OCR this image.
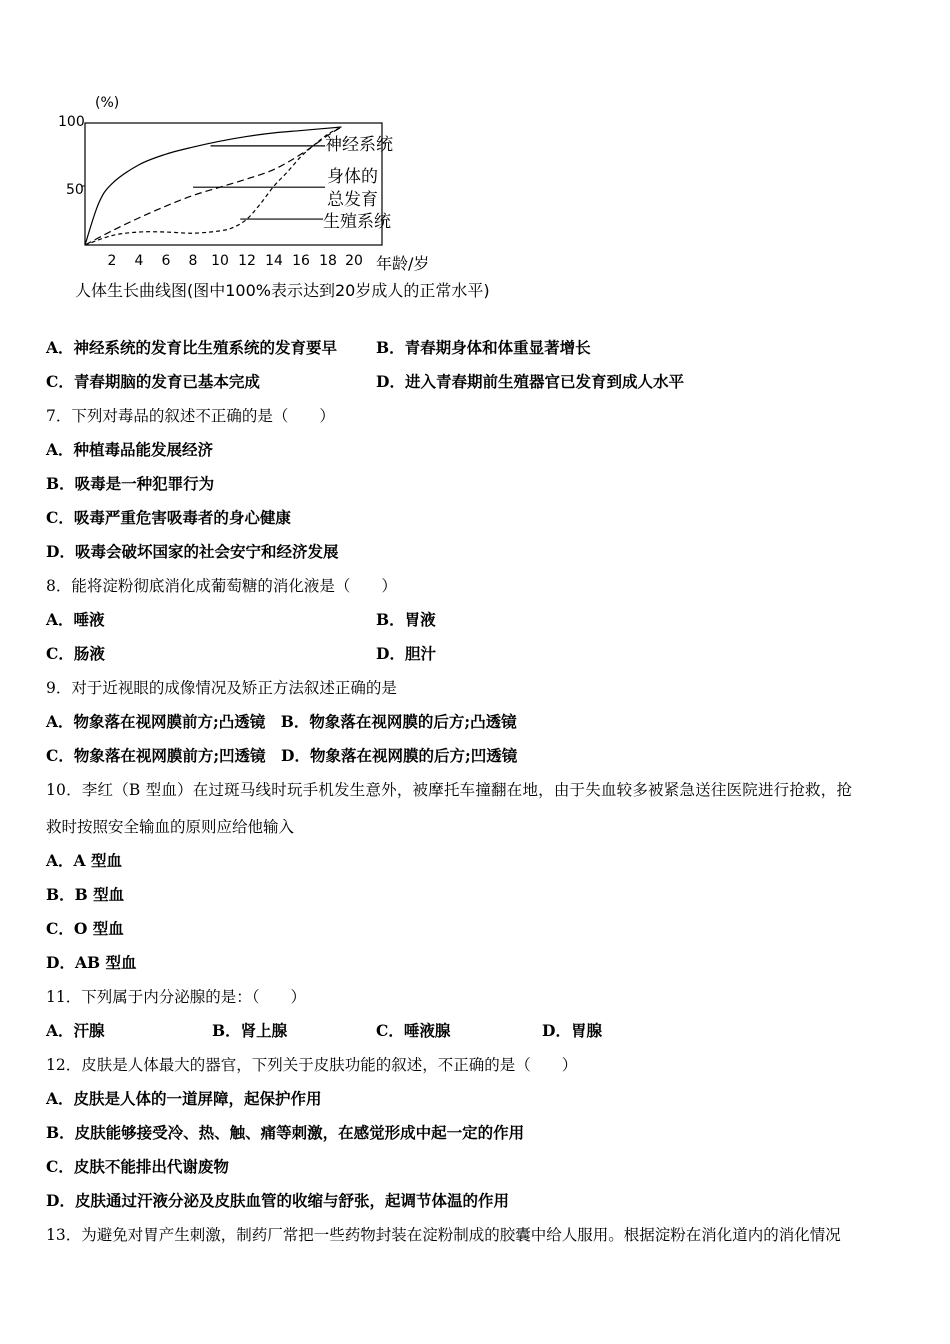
(%)
100
50
2 4 6 8 10 12 14 16 18 20 年龄/岁
神经系统
身体的
总发育
生殖系统
人体生长曲线图(图中100%表示达到20岁成人的正常水平)
A．神经系统的发育比生殖系统的发育要早	B．青春期身体和体重显著增长
C．青春期脑的发育已基本完成	D．进入青春期前生殖器官已发育到成人水平
7．下列对毒品的叙述不正确的是（　　）
A．种植毒品能发展经济
B．吸毒是一种犯罪行为
C．吸毒严重危害吸毒者的身心健康
D．吸毒会破坏国家的社会安宁和经济发展
8．能将淀粉彻底消化成葡萄糖的消化液是（　　）
A．唾液	B．胃液
C．肠液	D．胆汁
9．对于近视眼的成像情况及矫正方法叙述正确的是
A．物象落在视网膜前方;凸透镜　B．物象落在视网膜的后方;凸透镜
C．物象落在视网膜前方;凹透镜　D．物象落在视网膜的后方;凹透镜
10．李红（B 型血）在过斑马线时玩手机发生意外，被摩托车撞翻在地，由于失血较多被紧急送往医院进行抢救，抢
救时按照安全输血的原则应给他输入
A．A 型血
B．B 型血
C．O 型血
D．AB 型血
11．下列属于内分泌腺的是：（　　）
A．汗腺	B．肾上腺	C．唾液腺	D．胃腺
12．皮肤是人体最大的器官，下列关于皮肤功能的叙述，不正确的是（　　）
A．皮肤是人体的一道屏障，起保护作用
B．皮肤能够接受冷、热、触、痛等刺激，在感觉形成中起一定的作用
C．皮肤不能排出代谢废物
D．皮肤通过汗液分泌及皮肤血管的收缩与舒张，起调节体温的作用
13．为避免对胃产生刺激，制药厂常把一些药物封装在淀粉制成的胶囊中给人服用。根据淀粉在消化道内的消化情况
